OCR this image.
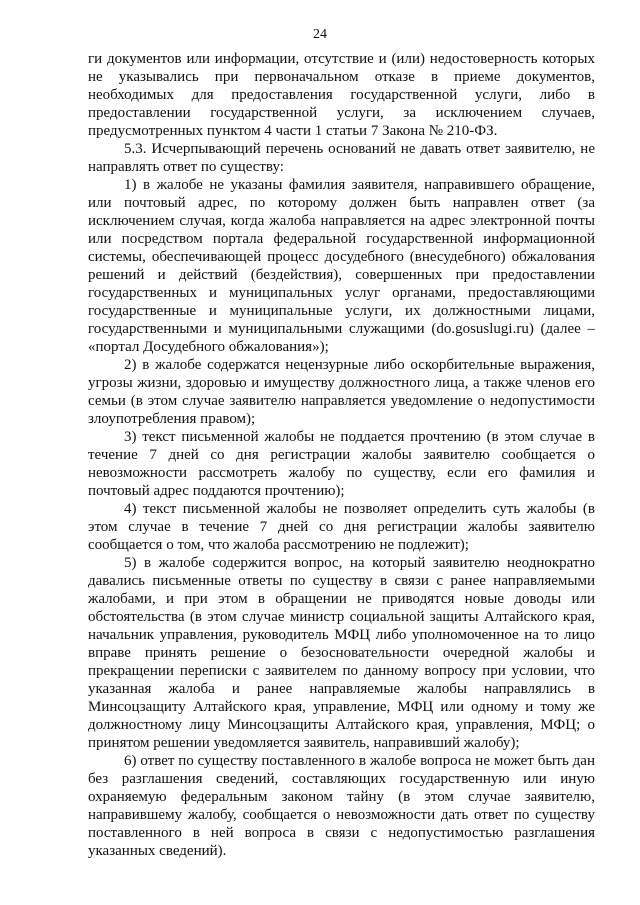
24

ги документов или информации, отсутствие и (или) недостоверность которых не указывались при первоначальном отказе в приеме документов, необходимых для предоставления государственной услуги, либо в предоставлении государственной услуги, за исключением случаев, предусмотренных пунктом 4 части 1 статьи 7 Закона № 210-ФЗ.

5.3. Исчерпывающий перечень оснований не давать ответ заявителю, не направлять ответ по существу:

1) в жалобе не указаны фамилия заявителя, направившего обращение, или почтовый адрес, по которому должен быть направлен ответ (за исключением случая, когда жалоба направляется на адрес электронной почты или посредством портала федеральной государственной информационной системы, обеспечивающей процесс досудебного (внесудебного) обжалования решений и действий (бездействия), совершенных при предоставлении государственных и муниципальных услуг органами, предоставляющими государственные и муниципальные услуги, их должностными лицами, государственными и муниципальными служащими (do.gosuslugi.ru) (далее – «портал Досудебного обжалования»);

2) в жалобе содержатся нецензурные либо оскорбительные выражения, угрозы жизни, здоровью и имуществу должностного лица, а также членов его семьи (в этом случае заявителю направляется уведомление о недопустимости злоупотребления правом);

3) текст письменной жалобы не поддается прочтению (в этом случае в течение 7 дней со дня регистрации жалобы заявителю сообщается о невозможности рассмотреть жалобу по существу, если его фамилия и почтовый адрес поддаются прочтению);

4) текст письменной жалобы не позволяет определить суть жалобы (в этом случае в течение 7 дней со дня регистрации жалобы заявителю сообщается о том, что жалоба рассмотрению не подлежит);

5) в жалобе содержится вопрос, на который заявителю неоднократно давались письменные ответы по существу в связи с ранее направляемыми жалобами, и при этом в обращении не приводятся новые доводы или обстоятельства (в этом случае министр социальной защиты Алтайского края, начальник управления, руководитель МФЦ либо уполномоченное на то лицо вправе принять решение о безосновательности очередной жалобы и прекращении переписки с заявителем по данному вопросу при условии, что указанная жалоба и ранее направляемые жалобы направлялись в Минсоцзащиту Алтайского края, управление, МФЦ или одному и тому же должностному лицу Минсоцзащиты Алтайского края, управления, МФЦ; о принятом решении уведомляется заявитель, направивший жалобу);

6) ответ по существу поставленного в жалобе вопроса не может быть дан без разглашения сведений, составляющих государственную или иную охраняемую федеральным законом тайну (в этом случае заявителю, направившему жалобу, сообщается о невозможности дать ответ по существу поставленного в ней вопроса в связи с недопустимостью разглашения указанных сведений).
